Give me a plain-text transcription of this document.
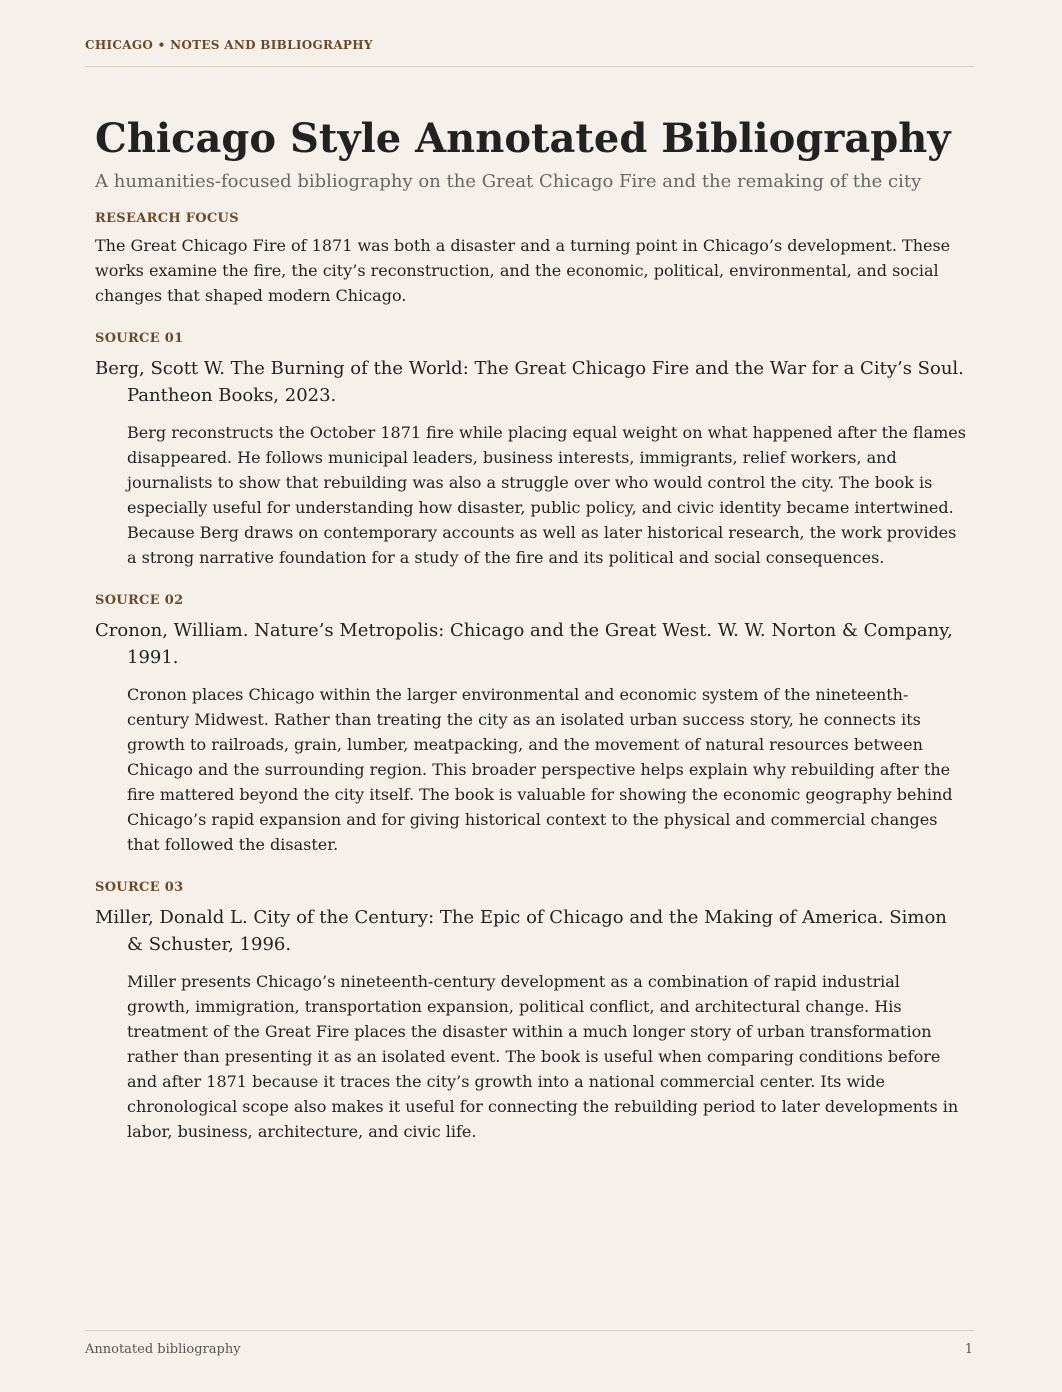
CHICAGO • NOTES AND BIBLIOGRAPHY
Chicago Style Annotated Bibliography
A humanities-focused bibliography on the Great Chicago Fire and the remaking of the city
RESEARCH FOCUS

The Great Chicago Fire of 1871 was both a disaster and a turning point in Chicago’s development. These works examine the fire, the city’s reconstruction, and the economic, political, environmental, and social changes that shaped modern Chicago.

SOURCE 01

Berg, Scott W. The Burning of the World: The Great Chicago Fire and the War for a City’s Soul. Pantheon Books, 2023.

Berg reconstructs the October 1871 fire while placing equal weight on what happened after the flames disappeared. He follows municipal leaders, business interests, immigrants, relief workers, and journalists to show that rebuilding was also a struggle over who would control the city. The book is especially useful for understanding how disaster, public policy, and civic identity became intertwined. Because Berg draws on contemporary accounts as well as later historical research, the work provides a strong narrative foundation for a study of the fire and its political and social consequences.

SOURCE 02

Cronon, William. Nature’s Metropolis: Chicago and the Great West. W. W. Norton & Company, 1991.

Cronon places Chicago within the larger environmental and economic system of the nineteenth-century Midwest. Rather than treating the city as an isolated urban success story, he connects its growth to railroads, grain, lumber, meatpacking, and the movement of natural resources between Chicago and the surrounding region. This broader perspective helps explain why rebuilding after the fire mattered beyond the city itself. The book is valuable for showing the economic geography behind Chicago’s rapid expansion and for giving historical context to the physical and commercial changes that followed the disaster.

SOURCE 03

Miller, Donald L. City of the Century: The Epic of Chicago and the Making of America. Simon & Schuster, 1996.

Miller presents Chicago’s nineteenth-century development as a combination of rapid industrial growth, immigration, transportation expansion, political conflict, and architectural change. His treatment of the Great Fire places the disaster within a much longer story of urban transformation rather than presenting it as an isolated event. The book is useful when comparing conditions before and after 1871 because it traces the city’s growth into a national commercial center. Its wide chronological scope also makes it useful for connecting the rebuilding period to later developments in labor, business, architecture, and civic life.

Annotated bibliography	1
